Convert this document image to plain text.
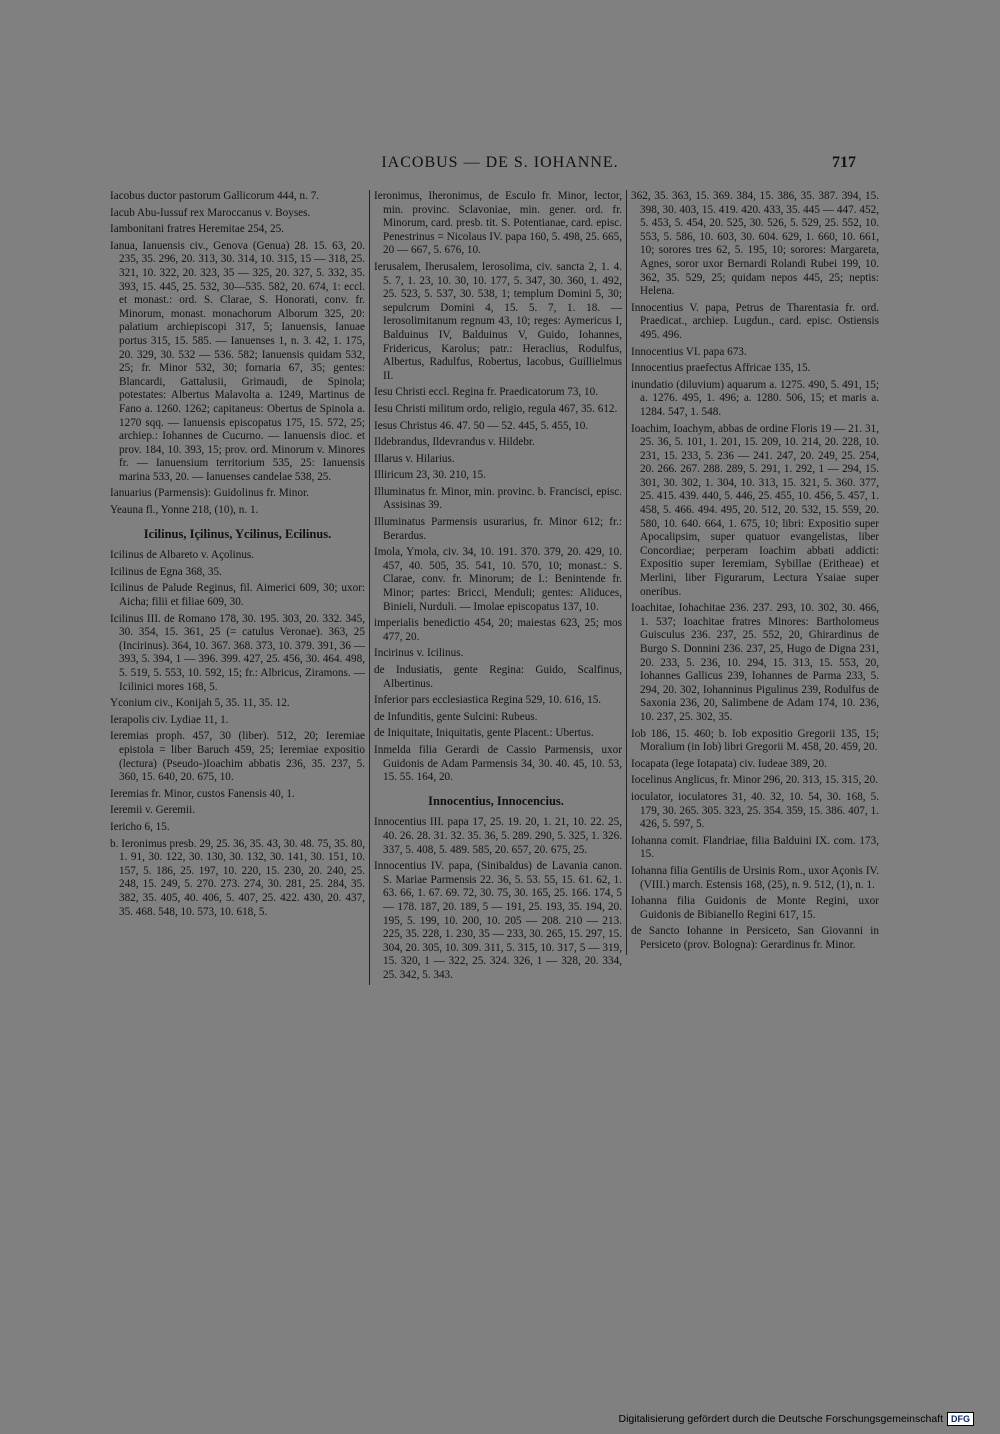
IACOBUS — DE S. IOHANNE.	717
Iacobus ductor pastorum Gallicorum 444, n. 7.
Iacub Abu-Iussuf rex Maroccanus v. Boyses.
Iambonitani fratres Heremitae 254, 25.
Ianua, Ianuensis civ., Genova (Genua) 28. 15. 63, 20. 235, 35. 296, 20. 313, 30. 314, 10. 315, 15 — 318, 25. 321, 10. 322, 20. 323, 35 — 325, 20. 327, 5. 332, 35. 393, 15. 445, 25. 532, 30—535. 582, 20. 674, 1: eccl. et monast.: ord. S. Clarae, S. Honorati, conv. fr. Minorum, monast. monachorum Alborum 325, 20: palatium archiepiscopi 317, 5; Ianuensis, Ianuae portus 315, 15. 585. — Ianuenses 1, n. 3. 42, 1. 175, 20. 329, 30. 532 — 536. 582; Ianuensis quidam 532, 25; fr. Minor 532, 30; fornaria 67, 35; gentes: Blancardi, Gattalusii, Grimaudi, de Spinola; potestates: Albertus Malavolta a. 1249, Martinus de Fano a. 1260. 1262; capitaneus: Obertus de Spinola a. 1270 sqq. — Ianuensis episcopatus 175, 15. 572, 25; archiep.: Iohannes de Cucurno. — Ianuensis dioc. et prov. 184, 10. 393, 15; prov. ord. Minorum v. Minores fr. — Ianuensium territorium 535, 25: Ianuensis marina 533, 20. — Ianuenses candelae 538, 25.
Ianuarius (Parmensis): Guidolinus fr. Minor.
Yeauna fl., Yonne 218, (10), n. 1.
Icilinus, Içilinus, Ycilinus, Ecilinus.
Icilinus de Albareto v. Açolinus.
Icilinus de Egna 368, 35.
Icilinus de Palude Reginus, fil. Aimerici 609, 30; uxor: Aicha; filii et filiae 609, 30.
Icilinus III. de Romano 178, 30. 195. 303, 20. 332. 345, 30. 354, 15. 361, 25 (= catulus Veronae). 363, 25 (Incirinus). 364, 10. 367. 368. 373, 10. 379. 391, 36 — 393, 5. 394, 1 — 396. 399. 427, 25. 456, 30. 464. 498, 5. 519, 5. 553, 10. 592, 15; fr.: Albricus, Ziramons. — Icilinici mores 168, 5.
Yconium civ., Konijah 5, 35. 11, 35. 12.
Ierapolis civ. Lydiae 11, 1.
Ieremias proph. 457, 30 (liber). 512, 20; Ieremiae epistola = liber Baruch 459, 25; Ieremiae expositio (lectura) (Pseudo-)Ioachim abbatis 236, 35. 237, 5. 360, 15. 640, 20. 675, 10.
Ieremias fr. Minor, custos Fanensis 40, 1.
Ieremii v. Geremii.
Iericho 6, 15.
b. Ieronimus presb. 29, 25. 36, 35. 43, 30. 48. 75, 35. 80, 1. 91, 30. 122, 30. 130, 30. 132, 30. 141, 30. 151, 10. 157, 5. 186, 25. 197, 10. 220, 15. 230, 20. 240, 25. 248, 15. 249, 5. 270. 273. 274, 30. 281, 25. 284, 35. 382, 35. 405, 40. 406, 5. 407, 25. 422. 430, 20. 437, 35. 468. 548, 10. 573, 10. 618, 5.
Ieronimus, Iheronimus, de Esculo fr. Minor, lector, min. provinc. Sclavoniae, min. gener. ord. fr. Minorum, card. presb. tit. S. Potentianae, card. episc. Penestrinus = Nicolaus IV. papa 160, 5. 498, 25. 665, 20 — 667, 5. 676, 10.
Ierusalem, Iherusalem, Ierosolima, civ. sancta 2, 1. 4. 5. 7, 1. 23, 10. 30, 10. 177, 5. 347, 30. 360, 1. 492, 25. 523, 5. 537, 30. 538, 1; templum Domini 5, 30; sepulcrum Domini 4, 15. 5. 7, 1. 18. — Ierosolimitanum regnum 43, 10; reges: Aymericus I, Balduinus IV, Balduinus V, Guido, Iohannes, Fridericus, Karolus; patr.: Heraclius, Rodulfus, Albertus, Radulfus, Robertus, Iacobus, Guillielmus II.
Iesu Christi eccl. Regina fr. Praedicatorum 73, 10.
Iesu Christi militum ordo, religio, regula 467, 35. 612.
Iesus Christus 46. 47. 50 — 52. 445, 5. 455, 10.
Ildebrandus, Ildevrandus v. Hildebr.
Illarus v. Hilarius.
Illiricum 23, 30. 210, 15.
Illuminatus fr. Minor, min. provinc. b. Francisci, episc. Assisinas 39.
Illuminatus Parmensis usurarius, fr. Minor 612; fr.: Berardus.
Imola, Ymola, civ. 34, 10. 191. 370. 379, 20. 429, 10. 457, 40. 505, 35. 541, 10. 570, 10; monast.: S. Clarae, conv. fr. Minorum; de I.: Benintende fr. Minor; partes: Bricci, Menduli; gentes: Aliduces, Binieli, Nurduli. — Imolae episcopatus 137, 10.
imperialis benedictio 454, 20; maiestas 623, 25; mos 477, 20.
Incirinus v. Icilinus.
de Indusiatis, gente Regina: Guido, Scalfinus, Albertinus.
Inferior pars ecclesiastica Regina 529, 10. 616, 15.
de Infunditis, gente Sulcini: Rubeus.
de Iniquitate, Iniquitatis, gente Placent.: Ubertus.
Inmelda filia Gerardi de Cassio Parmensis, uxor Guidonis de Adam Parmensis 34, 30. 40. 45, 10. 53, 15. 55. 164, 20.
Innocentius, Innocencius.
Innocentius III. papa 17, 25. 19. 20, 1. 21, 10. 22. 25, 40. 26. 28. 31. 32. 35. 36, 5. 289. 290, 5. 325, 1. 326. 337, 5. 408, 5. 489. 585, 20. 657, 20. 675, 25.
Innocentius IV. papa, (Sinibaldus) de Lavania canon. S. Mariae Parmensis 22. 36, 5. 53. 55, 15. 61. 62, 1. 63. 66, 1. 67. 69. 72, 30. 75, 30. 165, 25. 166. 174, 5 — 178. 187, 20. 189, 5 — 191, 25. 193, 35. 194, 20. 195, 5. 199, 10. 200, 10. 205 — 208. 210 — 213. 225, 35. 228, 1. 230, 35 — 233, 30. 265, 15. 297, 15. 304, 20. 305, 10. 309. 311, 5. 315, 10. 317, 5 — 319, 15. 320, 1 — 322, 25. 324. 326, 1 — 328, 20. 334, 25. 342, 5. 343.
362, 35. 363, 15. 369. 384, 15. 386, 35. 387. 394, 15. 398, 30. 403, 15. 419. 420. 433, 35. 445 — 447. 452, 5. 453, 5. 454, 20. 525, 30. 526, 5. 529, 25. 552, 10. 553, 5. 586, 10. 603, 30. 604. 629, 1. 660, 10. 661, 10; sorores tres 62, 5. 195, 10; sorores: Margareta, Agnes, soror uxor Bernardi Rolandi Rubei 199, 10. 362, 35. 529, 25; quidam nepos 445, 25; neptis: Helena.
Innocentius V. papa, Petrus de Tharentasia fr. ord. Praedicat., archiep. Lugdun., card. episc. Ostiensis 495. 496.
Innocentius VI. papa 673.
Innocentius praefectus Affricae 135, 15.
inundatio (diluvium) aquarum a. 1275. 490, 5. 491, 15; a. 1276. 495, 1. 496; a. 1280. 506, 15; et maris a. 1284. 547, 1. 548.
Ioachim, Ioachym, abbas de ordine Floris 19 — 21. 31, 25. 36, 5. 101, 1. 201, 15. 209, 10. 214, 20. 228, 10. 231, 15. 233, 5. 236 — 241. 247, 20. 249, 25. 254, 20. 266. 267. 288. 289, 5. 291, 1. 292, 1 — 294, 15. 301, 30. 302, 1. 304, 10. 313, 15. 321, 5. 360. 377, 25. 415. 439. 440, 5. 446, 25. 455, 10. 456, 5. 457, 1. 458, 5. 466. 494. 495, 20. 512, 20. 532, 15. 559, 20. 580, 10. 640. 664, 1. 675, 10; libri: Expositio super Apocalipsim, super quatuor evangelistas, liber Concordiae; perperam Ioachim abbati addicti: Expositio super Ieremiam, Sybillae (Eritheae) et Merlini, liber Figurarum, Lectura Ysaiae super oneribus.
Ioachitae, Iohachitae 236. 237. 293, 10. 302, 30. 466, 1. 537; Ioachitae fratres Minores: Bartholomeus Guisculus 236. 237, 25. 552, 20, Ghirardinus de Burgo S. Donnini 236. 237, 25, Hugo de Digna 231, 20. 233, 5. 236, 10. 294, 15. 313, 15. 553, 20, Iohannes Gallicus 239, Iohannes de Parma 233, 5. 294, 20. 302, Iohanninus Pigulinus 239, Rodulfus de Saxonia 236, 20, Salimbene de Adam 174, 10. 236, 10. 237, 25. 302, 35.
Iob 186, 15. 460; b. Iob expositio Gregorii 135, 15; Moralium (in Iob) libri Gregorii M. 458, 20. 459, 20.
Iocapata (lege Iotapata) civ. Iudeae 389, 20.
Iocelinus Anglicus, fr. Minor 296, 20. 313, 15. 315, 20.
ioculator, ioculatores 31, 40. 32, 10. 54, 30. 168, 5. 179, 30. 265. 305. 323, 25. 354. 359, 15. 386. 407, 1. 426, 5. 597, 5.
Iohanna comit. Flandriae, filia Balduini IX. com. 173, 15.
Iohanna filia Gentilis de Ursinis Rom., uxor Açonis IV. (VIII.) march. Estensis 168, (25), n. 9. 512, (1), n. 1.
Iohanna filia Guidonis de Monte Regini, uxor Guidonis de Bibianello Regini 617, 15.
de Sancto Iohanne in Persiceto, San Giovanni in Persiceto (prov. Bologna): Gerardinus fr. Minor.
Digitalisierung gefördert durch die Deutsche Forschungsgemeinschaft DFG
